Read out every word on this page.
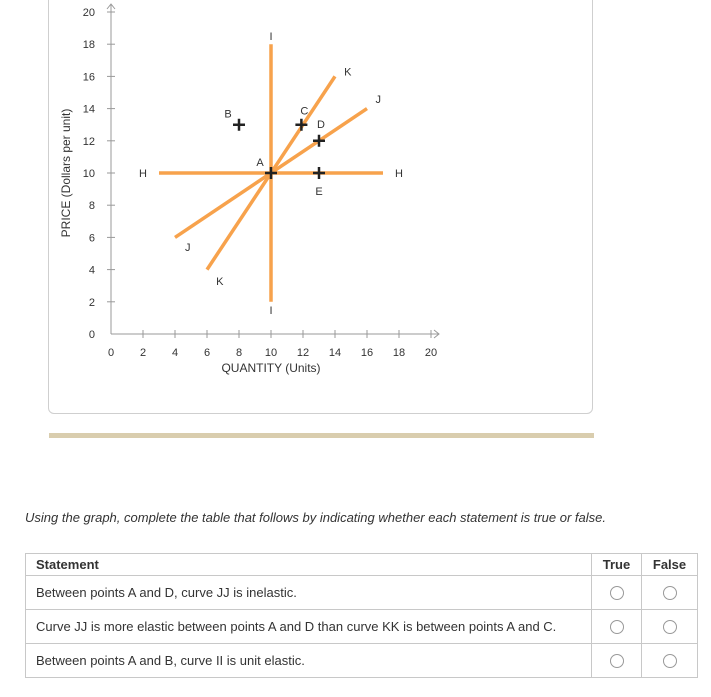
0
2
4
6
8
10
12
14
16
18
20
0 2 4 6 8 10 12 14 16 18 20
QUANTITY (Units)
PRICE (Dollars per unit)	H	H
I
I
J
J
K
K
A
B	C
D
E
Using the graph, complete the table that follows by indicating whether each statement is true or false.
Statement	True	False
Between points A and D, curve JJ is inelastic.		
Curve JJ is more elastic between points A and D than curve KK is between points A and C.		
Between points A and B, curve II is unit elastic.		
